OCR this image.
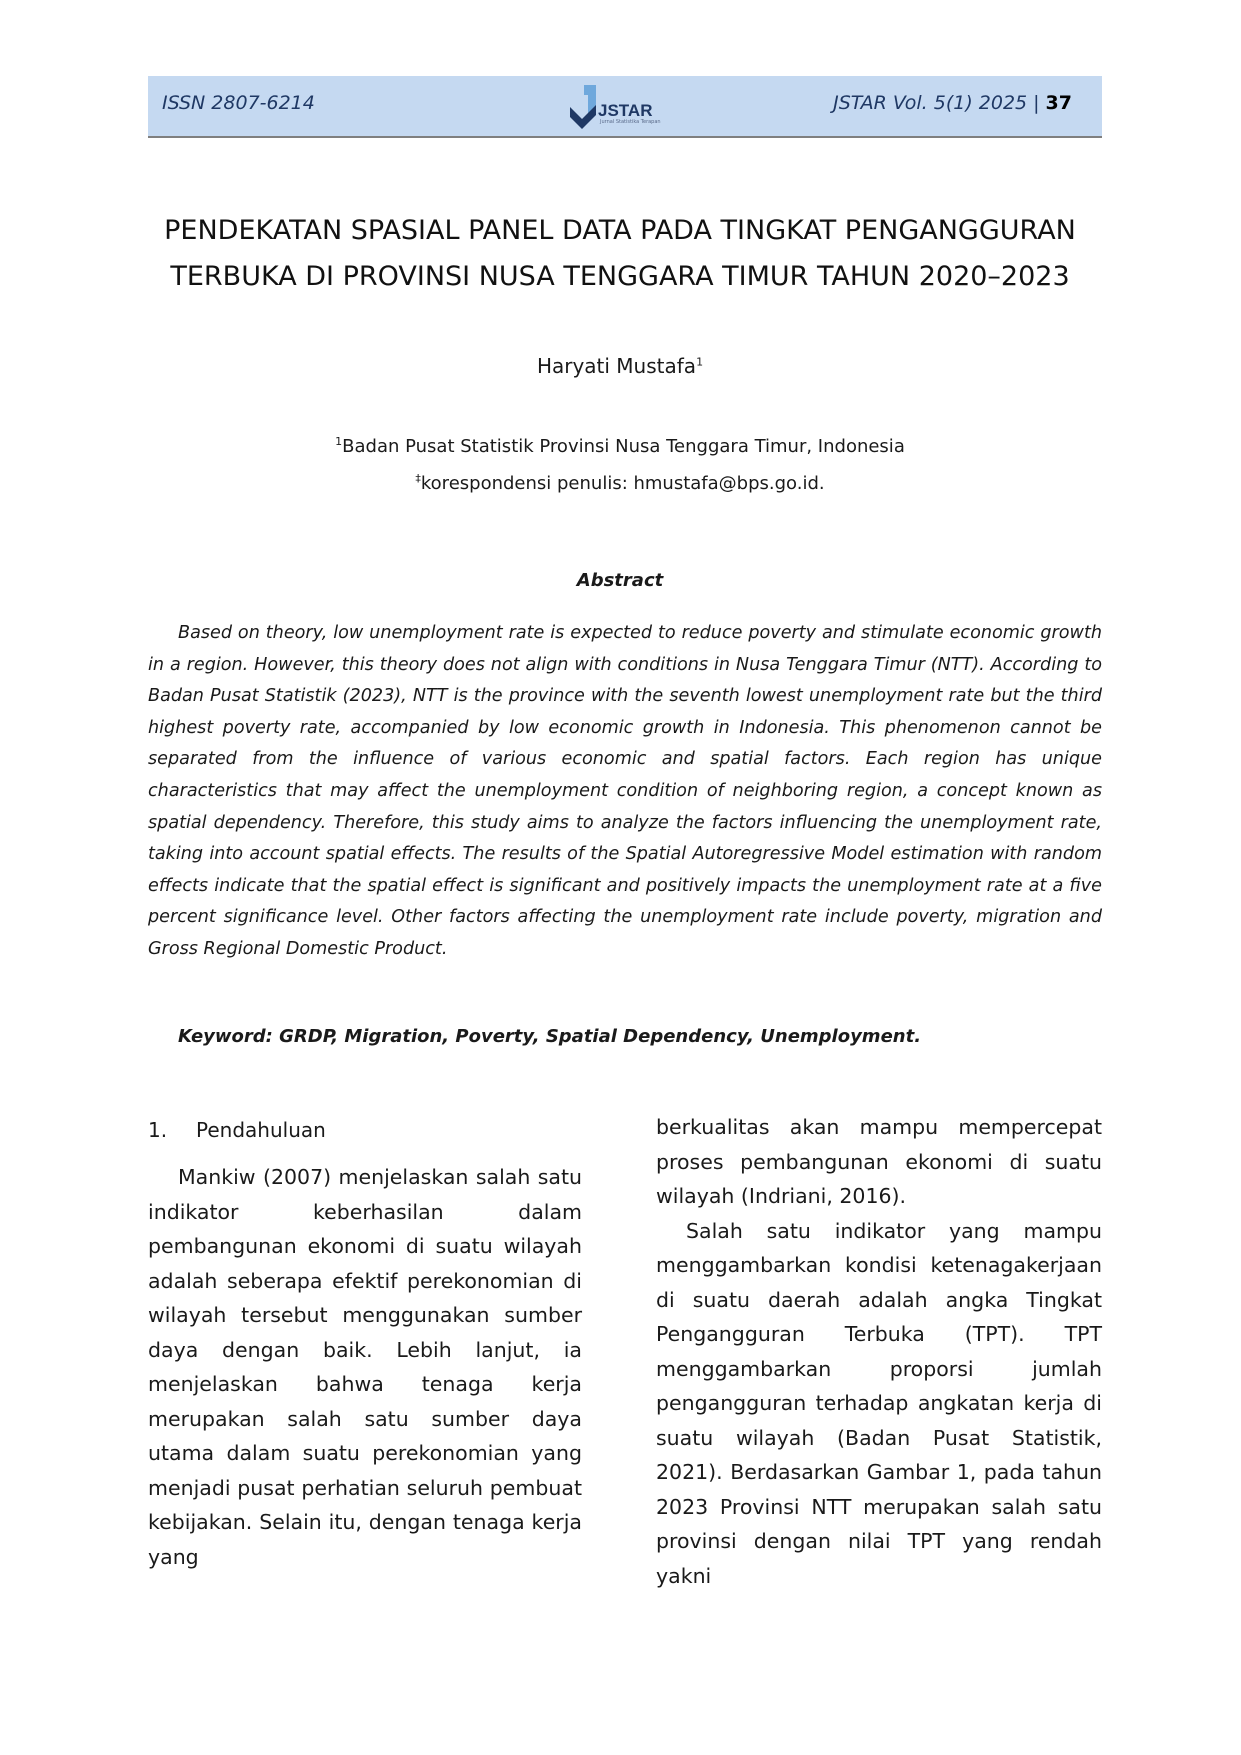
ISSN 2807-6214	JSTAR
Jurnal Statistika Terapan
JSTAR Vol. 5(1) 2025 | 37
PENDEKATAN SPASIAL PANEL DATA PADA TINGKAT PENGANGGURAN TERBUKA DI PROVINSI NUSA TENGGARA TIMUR TAHUN 2020–2023
Haryati Mustafa$^1$
$^1$Badan Pusat Statistik Provinsi Nusa Tenggara Timur, Indonesia
‡korespondensi penulis: hmustafa@bps.go.id.
Abstract
Based on theory, low unemployment rate is expected to reduce poverty and stimulate economic growth in a region. However, this theory does not align with conditions in Nusa Tenggara Timur (NTT). According to Badan Pusat Statistik (2023), NTT is the province with the seventh lowest unemployment rate but the third highest poverty rate, accompanied by low economic growth in Indonesia. This phenomenon cannot be separated from the influence of various economic and spatial factors. Each region has unique characteristics that may affect the unemployment condition of neighboring region, a concept known as spatial dependency. Therefore, this study aims to analyze the factors influencing the unemployment rate, taking into account spatial effects. The results of the Spatial Autoregressive Model estimation with random effects indicate that the spatial effect is significant and positively impacts the unemployment rate at a five percent significance level. Other factors affecting the unemployment rate include poverty, migration and Gross Regional Domestic Product.
Keyword: GRDP, Migration, Poverty, Spatial Dependency, Unemployment.
1. Pendahuluan

Mankiw (2007) menjelaskan salah satu indikator keberhasilan dalam pembangunan ekonomi di suatu wilayah adalah seberapa efektif perekonomian di wilayah tersebut menggunakan sumber daya dengan baik. Lebih lanjut, ia menjelaskan bahwa tenaga kerja merupakan salah satu sumber daya utama dalam suatu perekonomian yang menjadi pusat perhatian seluruh pembuat kebijakan. Selain itu, dengan tenaga kerja yang

berkualitas akan mampu mempercepat proses pembangunan ekonomi di suatu wilayah (Indriani, 2016).

Salah satu indikator yang mampu menggambarkan kondisi ketenagakerjaan di suatu daerah adalah angka Tingkat Pengangguran Terbuka (TPT). TPT menggambarkan proporsi jumlah pengangguran terhadap angkatan kerja di suatu wilayah (Badan Pusat Statistik, 2021). Berdasarkan Gambar 1, pada tahun 2023 Provinsi NTT merupakan salah satu provinsi dengan nilai TPT yang rendah yakni
